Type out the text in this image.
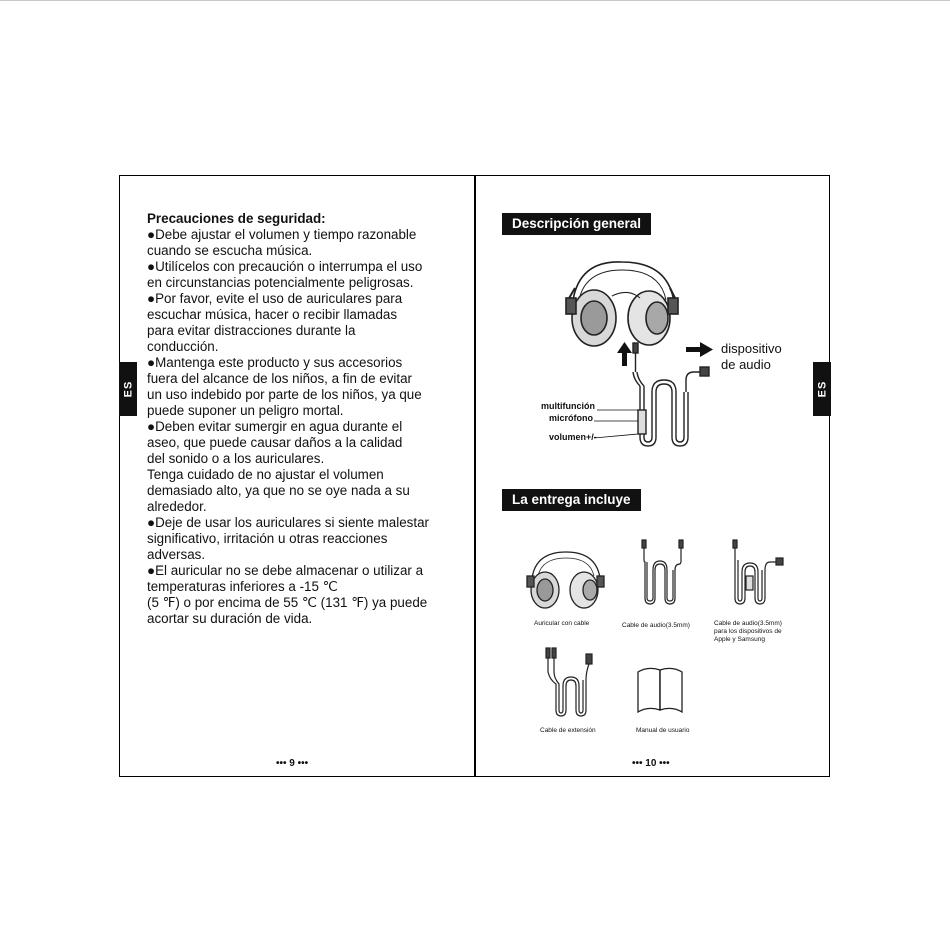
ES

Precauciones de seguridad:

●Debe ajustar el volumen y tiempo razonable

cuando se escucha música.

●Utilícelos con precaución o interrumpa el uso

en circunstancias potencialmente peligrosas.

●Por favor, evite el uso de auriculares para

escuchar música, hacer o recibir llamadas

para evitar distracciones durante la

conducción.

●Mantenga este producto y sus accesorios

fuera del alcance de los niños, a fin de evitar

un uso indebido por parte de los niños, ya que

puede suponer un peligro mortal.

●Deben evitar sumergir en agua durante el

aseo, que puede causar daños a la calidad

del sonido o a los auriculares.

Tenga cuidado de no ajustar el volumen

demasiado alto, ya que no se oye nada a su

alrededor.

●Deje de usar los auriculares si siente malestar

significativo, irritación u otras reacciones

adversas.

●El auricular no se debe almacenar o utilizar a

temperaturas inferiores a -15 ℃

(5 ℉) o por encima de 55 ℃ (131 ℉) ya puede

acortar su duración de vida.

••• 9 •••
ES
Descripción general
dispositivo
de audio
multifunción
micrófono
volumen+/-
La entrega incluye
Auricular con cable	Cable de audio(3.5mm)	Cable de audio(3.5mm)
para los dispositivos de
Apple y Samsung
Cable de extensión	Manual de usuario
••• 10 •••
